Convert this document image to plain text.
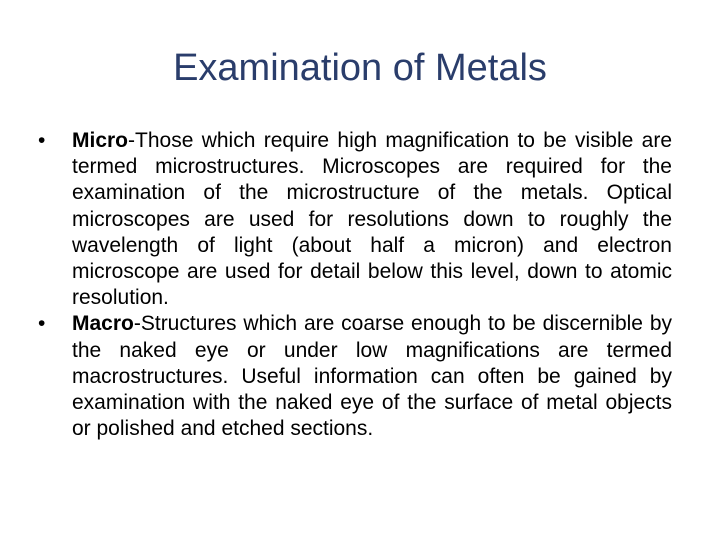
Examination of Metals
•	Micro-Those which require high magnification to be visible are termed microstructures. Microscopes are required for the examination of the microstructure of the metals. Optical microscopes are used for resolutions down to roughly the wavelength of light (about half a micron) and electron microscope are used for detail below this level, down to atomic resolution.
•	Macro-Structures which are coarse enough to be discernible by the naked eye or under low magnifications are termed macrostructures. Useful information can often be gained by examination with the naked eye of the surface of metal objects or polished and etched sections.
